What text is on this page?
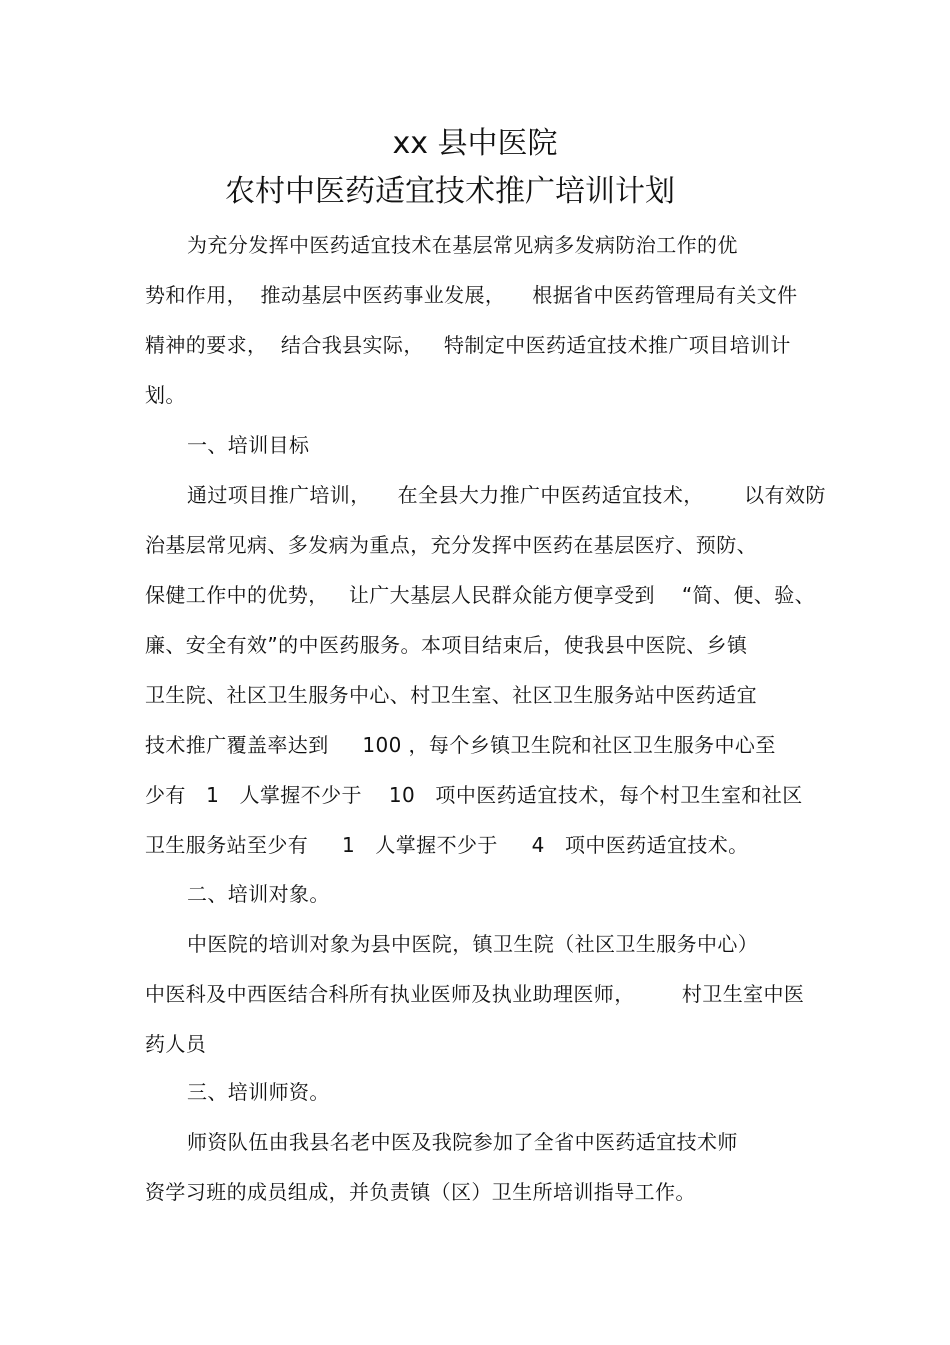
xx 县中医院
农村中医药适宜技术推广培训计划
为充分发挥中医药适宜技术在基层常见病多发病防治工作的优
势和作用，  推动基层中医药事业发展，    根据省中医药管理局有关文件
精神的要求，  结合我县实际，   特制定中医药适宜技术推广项目培训计
划。
一、培训目标
通过项目推广培训，    在全县大力推广中医药适宜技术，      以有效防
治基层常见病、多发病为重点，充分发挥中医药在基层医疗、预防、
保健工作中的优势，   让广大基层人民群众能方便享受到    “简、便、验、
廉、安全有效”的中医药服务。本项目结束后，使我县中医院、乡镇
卫生院、社区卫生服务中心、村卫生室、社区卫生服务站中医药适宜
技术推广覆盖率达到     100 ，每个乡镇卫生院和社区卫生服务中心至
少有   1   人掌握不少于    10   项中医药适宜技术，每个村卫生室和社区
卫生服务站至少有     1   人掌握不少于     4   项中医药适宜技术。
二、培训对象。
中医院的培训对象为县中医院，镇卫生院（社区卫生服务中心）
中医科及中西医结合科所有执业医师及执业助理医师，       村卫生室中医
药人员
三、培训师资。
师资队伍由我县名老中医及我院参加了全省中医药适宜技术师
资学习班的成员组成，并负责镇（区）卫生所培训指导工作。
